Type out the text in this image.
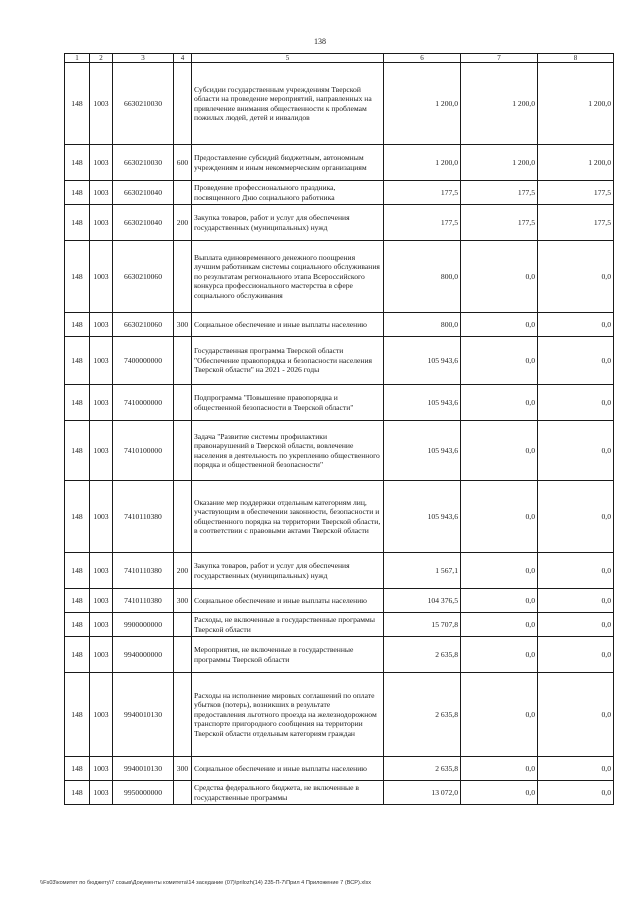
138
1	2	3	4	5	6	7	8
148	1003	6630210030		Субсидии государственным учреждениям Тверской области на проведение мероприятий, направленных на привлечение внимания общественности к проблемам пожилых людей, детей и инвалидов	1 200,0	1 200,0	1 200,0
148	1003	6630210030	600	Предоставление субсидий бюджетным, автономным учреждениям и иным некоммерческим организациям	1 200,0	1 200,0	1 200,0
148	1003	6630210040		Проведение профессионального праздника, посвященного Дню социального работника	177,5	177,5	177,5
148	1003	6630210040	200	Закупка товаров, работ и услуг для обеспечения государственных (муниципальных) нужд	177,5	177,5	177,5
148	1003	6630210060		Выплата единовременного денежного поощрения лучшим работникам системы социального обслуживания по результатам регионального этапа Всероссийского конкурса профессионального мастерства в сфере социального обслуживания	800,0	0,0	0,0
148	1003	6630210060	300	Социальное обеспечение и иные выплаты населению	800,0	0,0	0,0
148	1003	7400000000		Государственная программа Тверской области "Обеспечение правопорядка и безопасности населения Тверской области" на 2021 - 2026 годы	105 943,6	0,0	0,0
148	1003	7410000000		Подпрограмма "Повышение правопорядка и общественной безопасности в Тверской области"	105 943,6	0,0	0,0
148	1003	7410100000		Задача "Развитие системы профилактики правонарушений в Тверской области, вовлечение населения в деятельность по укреплению общественного порядка и общественной безопасности"	105 943,6	0,0	0,0
148	1003	7410110380		Оказание мер поддержки отдельным категориям лиц, участвующим в обеспечении законности, безопасности и общественного порядка на территории Тверской области, в соответствии с правовыми актами Тверской области	105 943,6	0,0	0,0
148	1003	7410110380	200	Закупка товаров, работ и услуг для обеспечения государственных (муниципальных) нужд	1 567,1	0,0	0,0
148	1003	7410110380	300	Социальное обеспечение и иные выплаты населению	104 376,5	0,0	0,0
148	1003	9900000000		Расходы, не включенные в государственные программы Тверской области	15 707,8	0,0	0,0
148	1003	9940000000		Мероприятия, не включенные в государственные программы Тверской области	2 635,8	0,0	0,0
148	1003	9940010130		Расходы на исполнение мировых соглашений по оплате убытков (потерь), возникших в результате предоставления льготного проезда на железнодорожном транспорте пригородного сообщения на территории Тверской области отдельным категориям граждан	2 635,8	0,0	0,0
148	1003	9940010130	300	Социальное обеспечение и иные выплаты населению	2 635,8	0,0	0,0
148	1003	9950000000		Средства федерального бюджета, не включенные в государственные программы	13 072,0	0,0	0,0
\\Fs03\комитет по бюджету\7 созыв\Документы комитета\14 заседание (07)\prilozh(14) 235-П-7\Прил 4 Приложение 7 (ВСР).xlsx
